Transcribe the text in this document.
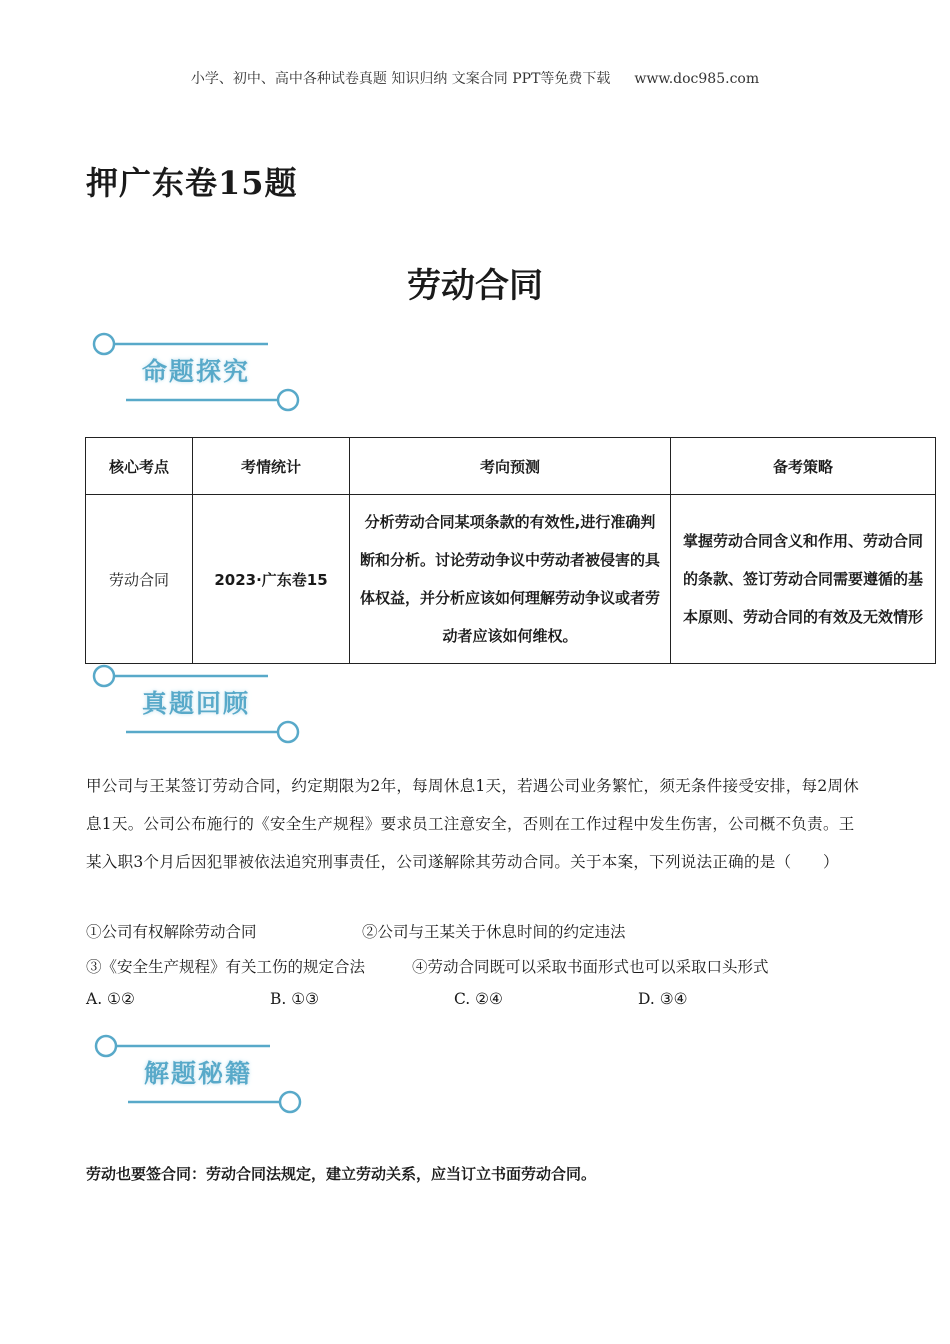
小学、初中、高中各种试卷真题 知识归纳 文案合同 PPT等免费下载 www.doc985.com
押广东卷15题
劳动合同
命题探究
核心考点	考情统计	考向预测	备考策略
劳动合同	2023·广东卷15	分析劳动合同某项条款的有效性,进行准确判断和分析。讨论劳动争议中劳动者被侵害的具体权益，并分析应该如何理解劳动争议或者劳动者应该如何维权。	掌握劳动合同含义和作用、劳动合同的条款、签订劳动合同需要遵循的基本原则、劳动合同的有效及无效情形
真题回顾
甲公司与王某签订劳动合同，约定期限为2年，每周休息1天，若遇公司业务繁忙，须无条件接受安排，每2周休息1天。公司公布施行的《安全生产规程》要求员工注意安全，否则在工作过程中发生伤害，公司概不负责。王某入职3个月后因犯罪被依法追究刑事责任，公司遂解除其劳动合同。关于本案，下列说法正确的是（　　）
①公司有权解除劳动合同	②公司与王某关于休息时间的约定违法
③《安全生产规程》有关工伤的规定合法	④劳动合同既可以采取书面形式也可以采取口头形式
A. ①②	B. ①③	C. ②④	D. ③④
解题秘籍
劳动也要签合同：劳动合同法规定，建立劳动关系，应当订立书面劳动合同。
